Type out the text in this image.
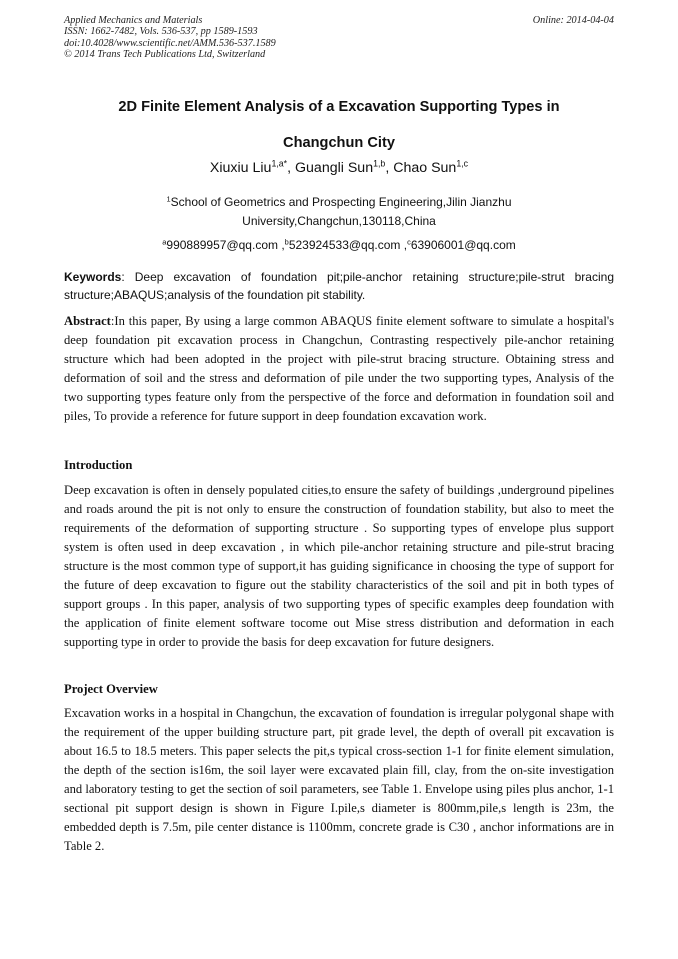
Applied Mechanics and Materials
ISSN: 1662-7482, Vols. 536-537, pp 1589-1593
doi:10.4028/www.scientific.net/AMM.536-537.1589
© 2014 Trans Tech Publications Ltd, Switzerland
Online: 2014-04-04
2D Finite Element Analysis of a Excavation Supporting Types in
Changchun City
Xiuxiu Liu$^{1,a*}$, Guangli Sun$^{1,b}$, Chao Sun$^{1,c}$
$^1$School of Geometrics and Prospecting Engineering,Jilin Jianzhu
University,Changchun,130118,China
$^a$990889957@qq.com ,$^b$523924533@qq.com ,$^c$63906001@qq.com
Keywords: Deep excavation of foundation pit;pile-anchor retaining structure;pile-strut bracing structure;ABAQUS;analysis of the foundation pit stability.
Abstract:In this paper, By using a large common ABAQUS finite element software to simulate a hospital's deep foundation pit excavation process in Changchun, Contrasting respectively pile-anchor retaining structure which had been adopted in the project with pile-strut bracing structure. Obtaining stress and deformation of soil and the stress and deformation of pile under the two supporting types, Analysis of the two supporting types feature only from the perspective of the force and deformation in foundation soil and piles, To provide a reference for future support in deep foundation excavation work.
Introduction
Deep excavation is often in densely populated cities,to ensure the safety of buildings ,underground pipelines and roads around the pit is not only to ensure the construction of foundation stability, but also to meet the requirements of the deformation of supporting structure . So supporting types of envelope plus support system is often used in deep excavation , in which pile-anchor retaining structure and pile-strut bracing structure is the most common type of support,it has guiding significance in choosing the type of support for the future of deep excavation to figure out the stability characteristics of the soil and pit in both types of support groups . In this paper, analysis of two supporting types of specific examples deep foundation with the application of finite element software tocome out Mise stress distribution and deformation in each supporting type in order to provide the basis for deep excavation for future designers.
Project Overview
Excavation works in a hospital in Changchun, the excavation of foundation is irregular polygonal shape with the requirement of the upper building structure part, pit grade level, the depth of overall pit excavation is about 16.5 to 18.5 meters. This paper selects the pit,s typical cross-section 1-1 for finite element simulation, the depth of the section is16m, the soil layer were excavated plain fill, clay, from the on-site investigation and laboratory testing to get the section of soil parameters, see Table 1. Envelope using piles plus anchor, 1-1 sectional pit support design is shown in Figure I.pile,s diameter is 800mm,pile,s length is 23m, the embedded depth is 7.5m, pile center distance is 1100mm, concrete grade is C30 , anchor informations are in Table 2.
